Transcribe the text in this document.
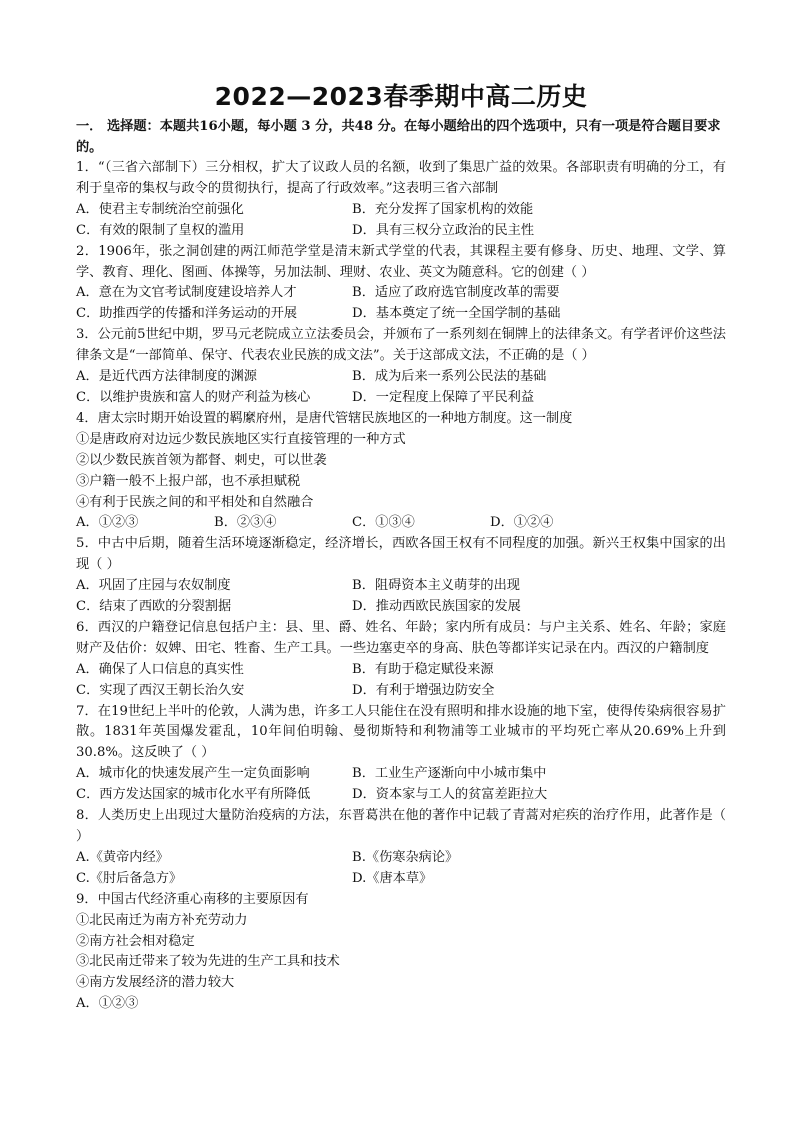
2022—2023春季期中高二历史

一． 选择题：本题共16小题，每小题 3 分，共48 分。在每小题给出的四个选项中，只有一项是符合题目要求的。

1．“（三省六部制下）三分相权，扩大了议政人员的名额，收到了集思广益的效果。各部职责有明确的分工，有利于皇帝的集权与政令的贯彻执行，提高了行政效率。”这表明三省六部制

A．使君主专制统治空前强化	B．充分发挥了国家机构的效能
C．有效的限制了皇权的滥用	D．具有三权分立政治的民主性

2．1906年，张之洞创建的两江师范学堂是清末新式学堂的代表，其课程主要有修身、历史、地理、文学、算学、教育、理化、图画、体操等，另加法制、理财、农业、英文为随意科。它的创建（ ）

A．意在为文官考试制度建设培养人才	B．适应了政府选官制度改革的需要
C．助推西学的传播和洋务运动的开展	D．基本奠定了统一全国学制的基础

3．公元前5世纪中期，罗马元老院成立立法委员会，并颁布了一系列刻在铜牌上的法律条文。有学者评价这些法律条文是“一部简单、保守、代表农业民族的成文法”。关于这部成文法，不正确的是（ ）

A．是近代西方法律制度的渊源	B．成为后来一系列公民法的基础
C．以维护贵族和富人的财产利益为核心	D．一定程度上保障了平民利益

4．唐太宗时期开始设置的羁縻府州，是唐代管辖民族地区的一种地方制度。这一制度

①是唐政府对边远少数民族地区实行直接管理的一种方式

②以少数民族首领为都督、刺史，可以世袭

③户籍一般不上报户部，也不承担赋税

④有利于民族之间的和平相处和自然融合

A．①②③	B．②③④	C．①③④	D．①②④

5．中古中后期，随着生活环境逐渐稳定，经济增长，西欧各国王权有不同程度的加强。新兴王权集中国家的出现（ ）

A．巩固了庄园与农奴制度	B．阻碍资本主义萌芽的出现
C．结束了西欧的分裂割据	D．推动西欧民族国家的发展

6．西汉的户籍登记信息包括户主：县、里、爵、姓名、年龄；家内所有成员：与户主关系、姓名、年龄；家庭财产及估价：奴婢、田宅、牲畜、生产工具。一些边塞吏卒的身高、肤色等都详实记录在内。西汉的户籍制度

A．确保了人口信息的真实性	B．有助于稳定赋役来源
C．实现了西汉王朝长治久安	D．有利于增强边防安全

7．在19世纪上半叶的伦敦，人满为患，许多工人只能住在没有照明和排水设施的地下室，使得传染病很容易扩散。1831年英国爆发霍乱，10年间伯明翰、曼彻斯特和利物浦等工业城市的平均死亡率从20.69%上升到30.8%。这反映了（ ）

A．城市化的快速发展产生一定负面影响	B．工业生产逐渐向中小城市集中
C．西方发达国家的城市化水平有所降低	D．资本家与工人的贫富差距拉大

8．人类历史上出现过大量防治疫病的方法，东晋葛洪在他的著作中记载了青蒿对疟疾的治疗作用，此著作是（ ）

A.《黄帝内经》	B.《伤寒杂病论》
C.《肘后备急方》	D.《唐本草》

9．中国古代经济重心南移的主要原因有

①北民南迁为南方补充劳动力

②南方社会相对稳定

③北民南迁带来了较为先进的生产工具和技术

④南方发展经济的潜力较大

A．①②③
